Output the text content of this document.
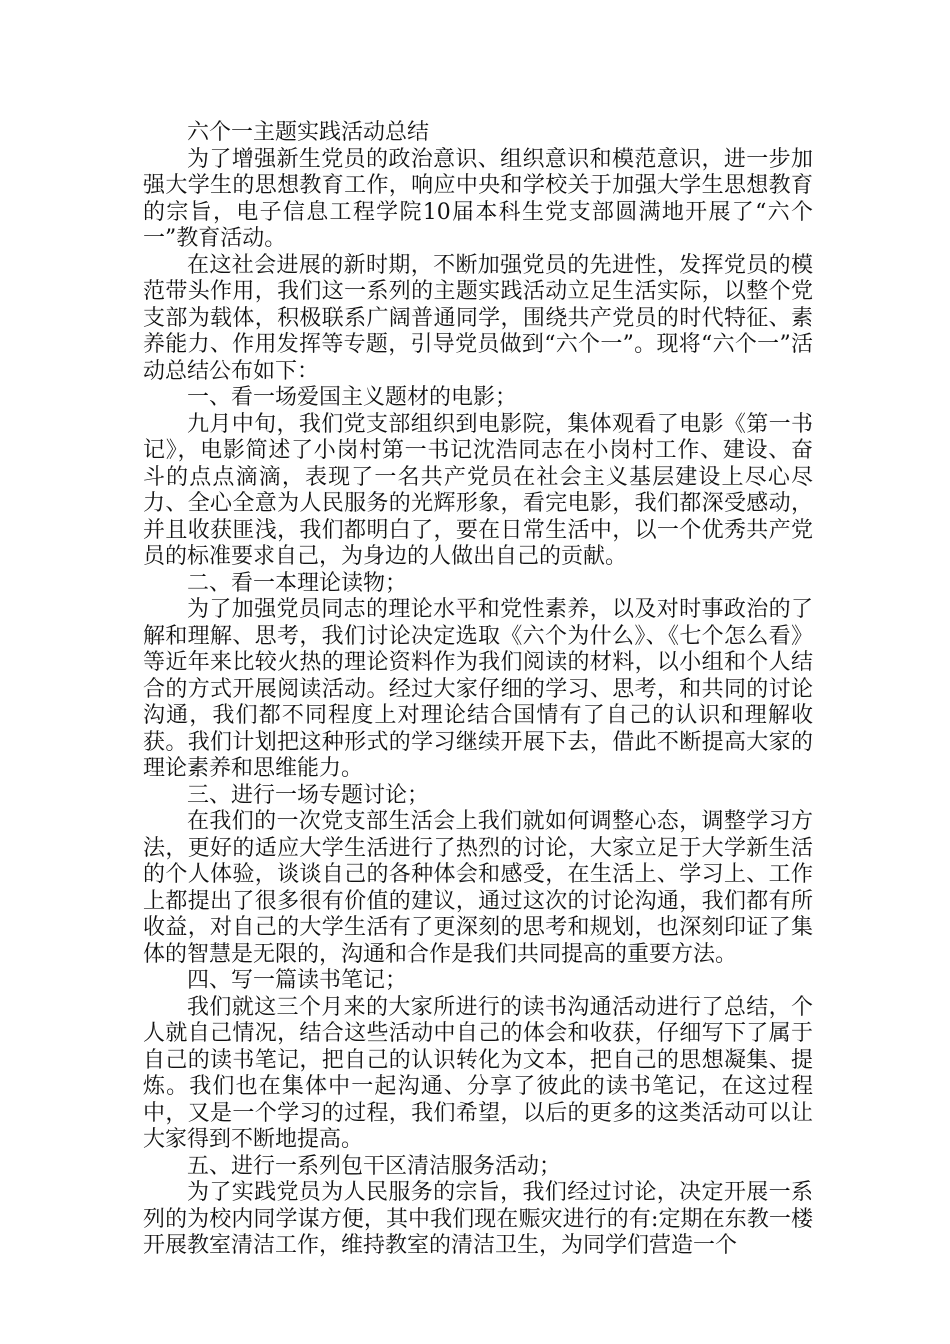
六个一主题实践活动总结

为了增强新生党员的政治意识、组织意识和模范意识，进一步加强大学生的思想教育工作，响应中央和学校关于加强大学生思想教育的宗旨，电子信息工程学院10届本科生党支部圆满地开展了“六个一”教育活动。

在这社会进展的新时期，不断加强党员的先进性，发挥党员的模范带头作用，我们这一系列的主题实践活动立足生活实际，以整个党支部为载体，积极联系广阔普通同学，围绕共产党员的时代特征、素养能力、作用发挥等专题，引导党员做到“六个一”。现将“六个一”活动总结公布如下：

一、看一场爱国主义题材的电影；

九月中旬，我们党支部组织到电影院，集体观看了电影《第一书记》，电影简述了小岗村第一书记沈浩同志在小岗村工作、建设、奋斗的点点滴滴，表现了一名共产党员在社会主义基层建设上尽心尽力、全心全意为人民服务的光辉形象，看完电影，我们都深受感动，并且收获匪浅，我们都明白了，要在日常生活中，以一个优秀共产党员的标准要求自己，为身边的人做出自己的贡献。

二、看一本理论读物；

为了加强党员同志的理论水平和党性素养，以及对时事政治的了解和理解、思考，我们讨论决定选取《六个为什么》、《七个怎么看》等近年来比较火热的理论资料作为我们阅读的材料，以小组和个人结合的方式开展阅读活动。经过大家仔细的学习、思考，和共同的讨论沟通，我们都不同程度上对理论结合国情有了自己的认识和理解收获。我们计划把这种形式的学习继续开展下去，借此不断提高大家的理论素养和思维能力。

三、进行一场专题讨论；

在我们的一次党支部生活会上我们就如何调整心态，调整学习方法，更好的适应大学生活进行了热烈的讨论，大家立足于大学新生活的个人体验，谈谈自己的各种体会和感受，在生活上、学习上、工作上都提出了很多很有价值的建议，通过这次的讨论沟通，我们都有所收益，对自己的大学生活有了更深刻的思考和规划，也深刻印证了集体的智慧是无限的，沟通和合作是我们共同提高的重要方法。

四、写一篇读书笔记；

我们就这三个月来的大家所进行的读书沟通活动进行了总结，个人就自己情况，结合这些活动中自己的体会和收获，仔细写下了属于自己的读书笔记，把自己的认识转化为文本，把自己的思想凝集、提炼。我们也在集体中一起沟通、分享了彼此的读书笔记，在这过程中，又是一个学习的过程，我们希望，以后的更多的这类活动可以让大家得到不断地提高。

五、进行一系列包干区清洁服务活动；

为了实践党员为人民服务的宗旨，我们经过讨论，决定开展一系列的为校内同学谋方便，其中我们现在赈灾进行的有:定期在东教一楼开展教室清洁工作，维持教室的清洁卫生，为同学们营造一个
